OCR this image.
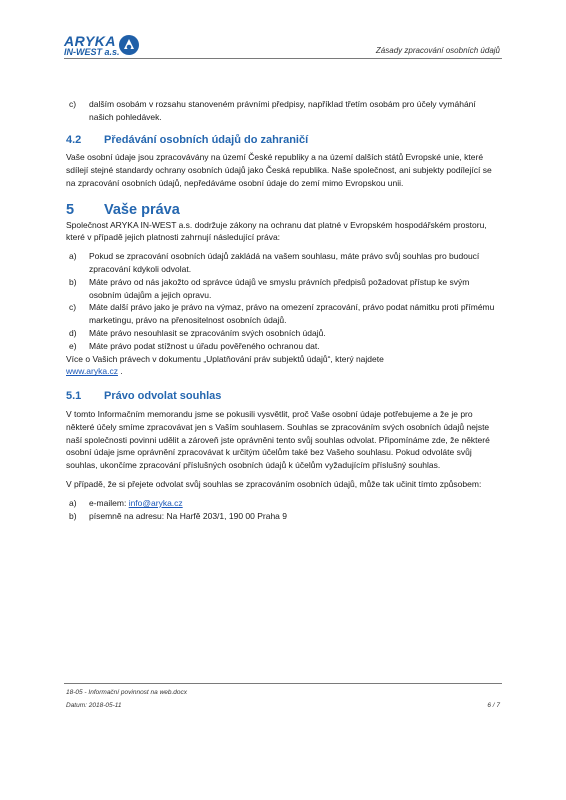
ARYKA
IN-WEST a.s.	Zásady zpracování osobních údajů
c)	dalším osobám v rozsahu stanoveném právními předpisy, například třetím osobám pro účely vymáhání našich pohledávek.
4.2	Předávání osobních údajů do zahraničí

Vaše osobní údaje jsou zpracovávány na území České republiky a na území dalších států Evropské unie, které sdílejí stejné standardy ochrany osobních údajů jako Česká republika. Naše společnost, ani subjekty podílející se na zpracování osobních údajů, nepředáváme osobní údaje do zemí mimo Evropskou unii.

5	Vaše práva

Společnost ARYKA IN-WEST a.s. dodržuje zákony na ochranu dat platné v Evropském hospodářském prostoru, které v případě jejich platnosti zahrnují následující práva:

a)	Pokud se zpracování osobních údajů zakládá na vašem souhlasu, máte právo svůj souhlas pro budoucí zpracování kdykoli odvolat.
b)	Máte právo od nás jakožto od správce údajů ve smyslu právních předpisů požadovat přístup ke svým osobním údajům a jejich opravu.
c)	Máte další právo jako je právo na výmaz, právo na omezení zpracování, právo podat námitku proti přímému marketingu, právo na přenositelnost osobních údajů.
d)	Máte právo nesouhlasit se zpracováním svých osobních údajů.
e)	Máte právo podat stížnost u úřadu pověřeného ochranou dat.

Více o Vašich právech v dokumentu „Uplatňování práv subjektů údajů“, který najdete
www.aryka.cz .

5.1	Právo odvolat souhlas

V tomto Informačním memorandu jsme se pokusili vysvětlit, proč Vaše osobní údaje potřebujeme a že je pro některé účely smíme zpracovávat jen s Vaším souhlasem. Souhlas se zpracováním svých osobních údajů nejste naší společnosti povinni udělit a zároveň jste oprávněni tento svůj souhlas odvolat. Připomínáme zde, že některé osobní údaje jsme oprávnění zpracovávat k určitým účelům také bez Vašeho souhlasu. Pokud odvoláte svůj souhlas, ukončíme zpracování příslušných osobních údajů k účelům vyžadujícím příslušný souhlas.

V případě, že si přejete odvolat svůj souhlas se zpracováním osobních údajů, může tak učinit tímto způsobem:

a)	e-mailem: info@aryka.cz
b)	písemně na adresu: Na Harfě 203/1, 190 00 Praha 9
18-05 - Informační povinnost na web.docx
Datum: 2018-05-11	6 / 7
